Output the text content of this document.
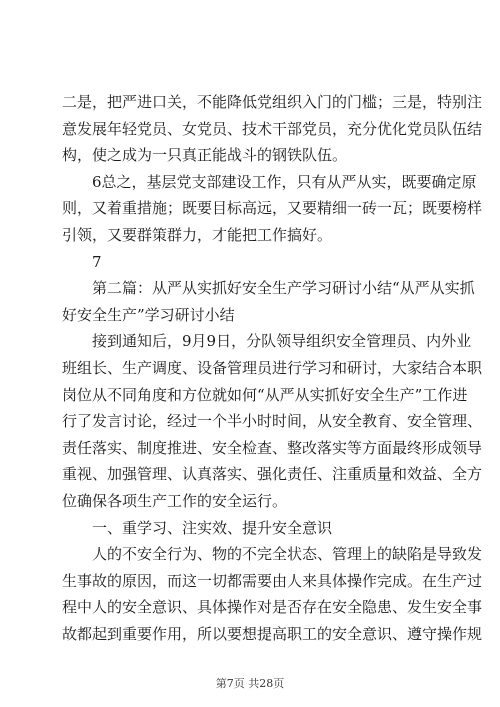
二是，把严进口关，不能降低党组织入门的门槛；三是，特别注
意发展年轻党员、女党员、技术干部党员，充分优化党员队伍结
构，使之成为一只真正能战斗的钢铁队伍。
6总之，基层党支部建设工作，只有从严从实，既要确定原
则，又着重措施；既要目标高远，又要精细一砖一瓦；既要榜样
引领，又要群策群力，才能把工作搞好。
7
第二篇：从严从实抓好安全生产学习研讨小结“从严从实抓
好安全生产”学习研讨小结
接到通知后，9月9日，分队领导组织安全管理员、内外业
班组长、生产调度、设备管理员进行学习和研讨，大家结合本职
岗位从不同角度和方位就如何“从严从实抓好安全生产”工作进
行了发言讨论，经过一个半小时时间，从安全教育、安全管理、
责任落实、制度推进、安全检查、整改落实等方面最终形成领导
重视、加强管理、认真落实、强化责任、注重质量和效益、全方
位确保各项生产工作的安全运行。
一、重学习、注实效、提升安全意识
人的不安全行为、物的不完全状态、管理上的缺陷是导致发
生事故的原因，而这一切都需要由人来具体操作完成。在生产过
程中人的安全意识、具体操作对是否存在安全隐患、发生安全事
故都起到重要作用，所以要想提高职工的安全意识、遵守操作规
第7页 共28页
